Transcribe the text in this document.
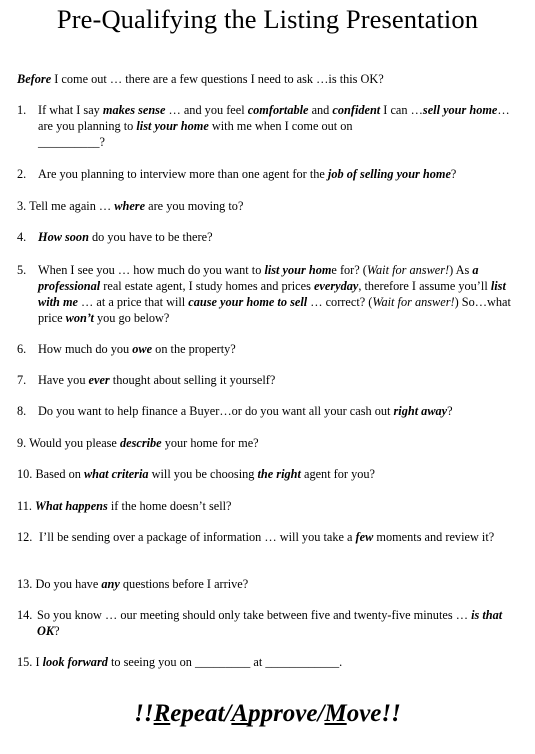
Pre-Qualifying the Listing Presentation
Before I come out … there are a few questions I need to ask …is this OK?
1. If what I say makes sense … and you feel comfortable and confident I can …sell your home…are you planning to list your home with me when I come out on
__________?
2. Are you planning to interview more than one agent for the job of selling your home?
3. Tell me again … where are you moving to?
4. How soon do you have to be there?
5. When I see you … how much do you want to list your home for? (Wait for answer!) As a professional real estate agent, I study homes and prices everyday, therefore I assume you’ll list with me … at a price that will cause your home to sell … correct? (Wait for answer!) So…what price won’t you go below?
6. How much do you owe on the property?
7. Have you ever thought about selling it yourself?
8. Do you want to help finance a Buyer…or do you want all your cash out right away?
9. Would you please describe your home for me?
10. Based on what criteria will you be choosing the right agent for you?
11. What happens if the home doesn’t sell?
12. I’ll be sending over a package of information … will you take a few moments and review it?
13. Do you have any questions before I arrive?
14. So you know … our meeting should only take between five and twenty-five minutes … is that OK?
15. I look forward to seeing you on _________ at ____________.
!!Repeat/Approve/Move!!
